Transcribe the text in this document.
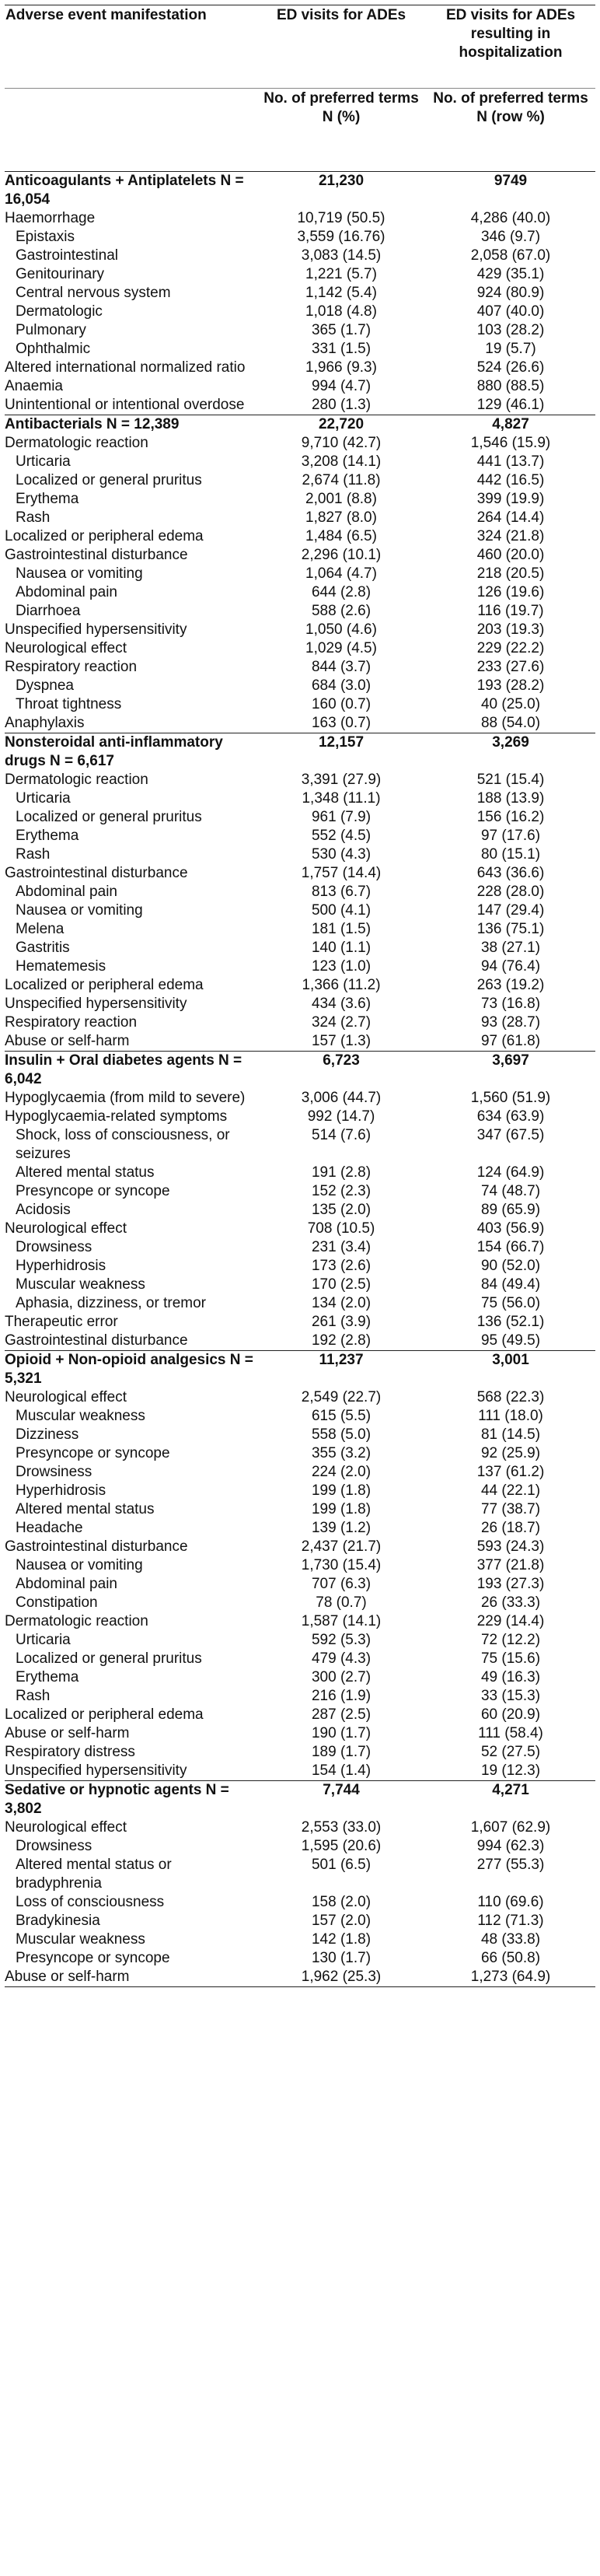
Adverse event manifestation	ED visits for ADEs	ED visits for ADEs resulting in hospitalization
	No. of preferred terms N (%)	No. of preferred terms N (row %)
Anticoagulants + Antiplatelets N = 16,054	21,230	9749
Haemorrhage	10,719 (50.5)	4,286 (40.0)
Epistaxis	3,559 (16.76)	346 (9.7)
Gastrointestinal	3,083 (14.5)	2,058 (67.0)
Genitourinary	1,221 (5.7)	429 (35.1)
Central nervous system	1,142 (5.4)	924 (80.9)
Dermatologic	1,018 (4.8)	407 (40.0)
Pulmonary	365 (1.7)	103 (28.2)
Ophthalmic	331 (1.5)	19 (5.7)
Altered international normalized ratio	1,966 (9.3)	524 (26.6)
Anaemia	994 (4.7)	880 (88.5)
Unintentional or intentional overdose	280 (1.3)	129 (46.1)
Antibacterials N = 12,389	22,720	4,827
Dermatologic reaction	9,710 (42.7)	1,546 (15.9)
Urticaria	3,208 (14.1)	441 (13.7)
Localized or general pruritus	2,674 (11.8)	442 (16.5)
Erythema	2,001 (8.8)	399 (19.9)
Rash	1,827 (8.0)	264 (14.4)
Localized or peripheral edema	1,484 (6.5)	324 (21.8)
Gastrointestinal disturbance	2,296 (10.1)	460 (20.0)
Nausea or vomiting	1,064 (4.7)	218 (20.5)
Abdominal pain	644 (2.8)	126 (19.6)
Diarrhoea	588 (2.6)	116 (19.7)
Unspecified hypersensitivity	1,050 (4.6)	203 (19.3)
Neurological effect	1,029 (4.5)	229 (22.2)
Respiratory reaction	844 (3.7)	233 (27.6)
Dyspnea	684 (3.0)	193 (28.2)
Throat tightness	160 (0.7)	40 (25.0)
Anaphylaxis	163 (0.7)	88 (54.0)
Nonsteroidal anti-inflammatory drugs N = 6,617	12,157	3,269
Dermatologic reaction	3,391 (27.9)	521 (15.4)
Urticaria	1,348 (11.1)	188 (13.9)
Localized or general pruritus	961 (7.9)	156 (16.2)
Erythema	552 (4.5)	97 (17.6)
Rash	530 (4.3)	80 (15.1)
Gastrointestinal disturbance	1,757 (14.4)	643 (36.6)
Abdominal pain	813 (6.7)	228 (28.0)
Nausea or vomiting	500 (4.1)	147 (29.4)
Melena	181 (1.5)	136 (75.1)
Gastritis	140 (1.1)	38 (27.1)
Hematemesis	123 (1.0)	94 (76.4)
Localized or peripheral edema	1,366 (11.2)	263 (19.2)
Unspecified hypersensitivity	434 (3.6)	73 (16.8)
Respiratory reaction	324 (2.7)	93 (28.7)
Abuse or self-harm	157 (1.3)	97 (61.8)
Insulin + Oral diabetes agents N = 6,042	6,723	3,697
Hypoglycaemia (from mild to severe)	3,006 (44.7)	1,560 (51.9)
Hypoglycaemia-related symptoms	992 (14.7)	634 (63.9)
Shock, loss of consciousness, or seizures	514 (7.6)	347 (67.5)
Altered mental status	191 (2.8)	124 (64.9)
Presyncope or syncope	152 (2.3)	74 (48.7)
Acidosis	135 (2.0)	89 (65.9)
Neurological effect	708 (10.5)	403 (56.9)
Drowsiness	231 (3.4)	154 (66.7)
Hyperhidrosis	173 (2.6)	90 (52.0)
Muscular weakness	170 (2.5)	84 (49.4)
Aphasia, dizziness, or tremor	134 (2.0)	75 (56.0)
Therapeutic error	261 (3.9)	136 (52.1)
Gastrointestinal disturbance	192 (2.8)	95 (49.5)
Opioid + Non-opioid analgesics N = 5,321	11,237	3,001
Neurological effect	2,549 (22.7)	568 (22.3)
Muscular weakness	615 (5.5)	111 (18.0)
Dizziness	558 (5.0)	81 (14.5)
Presyncope or syncope	355 (3.2)	92 (25.9)
Drowsiness	224 (2.0)	137 (61.2)
Hyperhidrosis	199 (1.8)	44 (22.1)
Altered mental status	199 (1.8)	77 (38.7)
Headache	139 (1.2)	26 (18.7)
Gastrointestinal disturbance	2,437 (21.7)	593 (24.3)
Nausea or vomiting	1,730 (15.4)	377 (21.8)
Abdominal pain	707 (6.3)	193 (27.3)
Constipation	78 (0.7)	26 (33.3)
Dermatologic reaction	1,587 (14.1)	229 (14.4)
Urticaria	592 (5.3)	72 (12.2)
Localized or general pruritus	479 (4.3)	75 (15.6)
Erythema	300 (2.7)	49 (16.3)
Rash	216 (1.9)	33 (15.3)
Localized or peripheral edema	287 (2.5)	60 (20.9)
Abuse or self-harm	190 (1.7)	111 (58.4)
Respiratory distress	189 (1.7)	52 (27.5)
Unspecified hypersensitivity	154 (1.4)	19 (12.3)
Sedative or hypnotic agents N = 3,802	7,744	4,271
Neurological effect	2,553 (33.0)	1,607 (62.9)
Drowsiness	1,595 (20.6)	994 (62.3)
Altered mental status or bradyphrenia	501 (6.5)	277 (55.3)
Loss of consciousness	158 (2.0)	110 (69.6)
Bradykinesia	157 (2.0)	112 (71.3)
Muscular weakness	142 (1.8)	48 (33.8)
Presyncope or syncope	130 (1.7)	66 (50.8)
Abuse or self-harm	1,962 (25.3)	1,273 (64.9)
